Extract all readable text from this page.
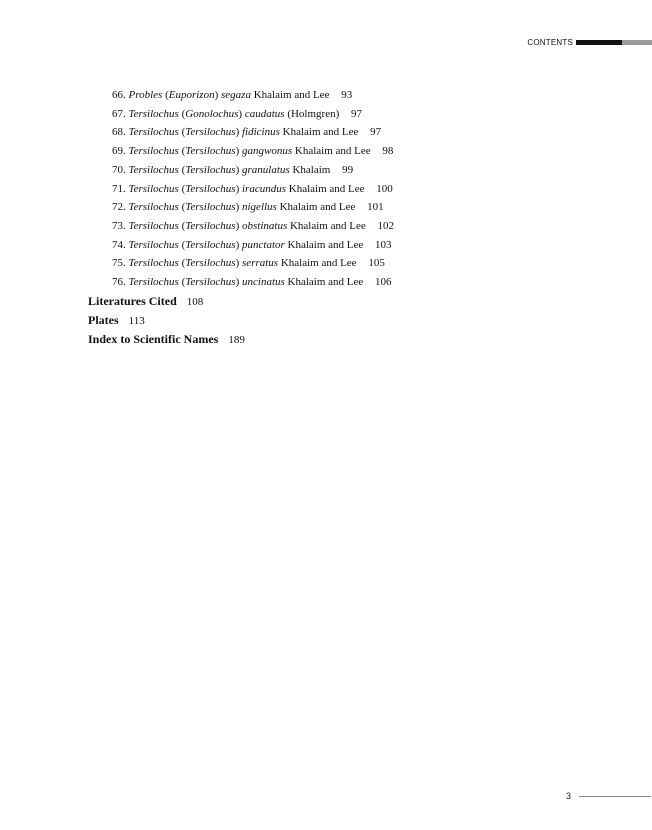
CONTENTS
66. Probles (Euporizon) segaza Khalaim and Lee 93
67. Tersilochus (Gonolochus) caudatus (Holmgren) 97
68. Tersilochus (Tersilochus) fidicinus Khalaim and Lee 97
69. Tersilochus (Tersilochus) gangwonus Khalaim and Lee 98
70. Tersilochus (Tersilochus) granulatus Khalaim 99
71. Tersilochus (Tersilochus) iracundus Khalaim and Lee 100
72. Tersilochus (Tersilochus) nigellus Khalaim and Lee 101
73. Tersilochus (Tersilochus) obstinatus Khalaim and Lee 102
74. Tersilochus (Tersilochus) punctator Khalaim and Lee 103
75. Tersilochus (Tersilochus) serratus Khalaim and Lee 105
76. Tersilochus (Tersilochus) uncinatus Khalaim and Lee 106
Literatures Cited 108
Plates 113
Index to Scientific Names 189
3
